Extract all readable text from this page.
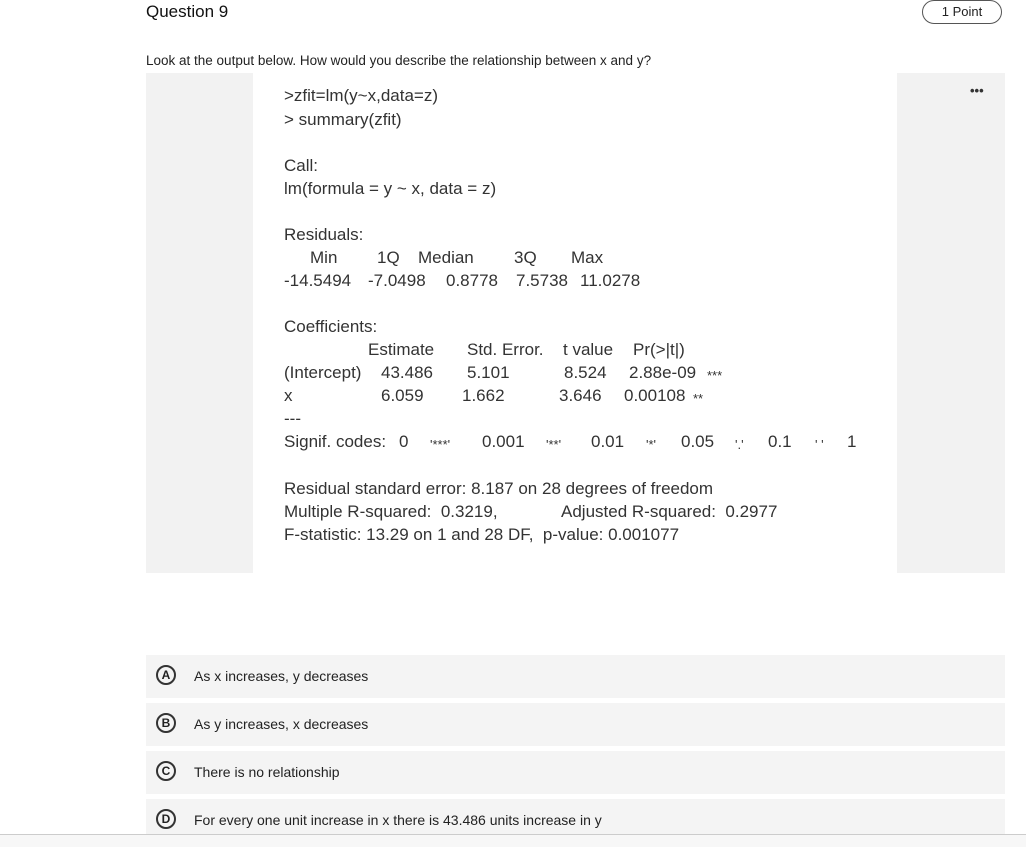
Question 9	1 Point
Look at the output below. How would you describe the relationship between x and y?
•••
>zfit=lm(y~x,data=z)
> summary(zfit)
Call:
lm(formula = y ~ x, data = z)
Residuals:
Min 1Q Median 3Q Max
-14.5494 -7.0498 0.8778 7.5738 11.0278
Coefficients:
Estimate Std. Error. t value Pr(>|t|)
(Intercept) 43.486 5.101	8.524 2.88e-09 ***
x	6.059 1.662	3.646 0.00108 **
---
Signif. codes: 0 '***' 0.001 '**' 0.01 '*' 0.05 '.' 0.1 ' ' 1
Residual standard error: 8.187 on 28 degrees of freedom
Multiple R-squared:  0.3219,	Adjusted R-squared:  0.2977
F-statistic: 13.29 on 1 and 28 DF,  p-value: 0.001077
A	As x increases, y decreases
B	As y increases, x decreases
C	There is no relationship
D	For every one unit increase in x there is 43.486 units increase in y
